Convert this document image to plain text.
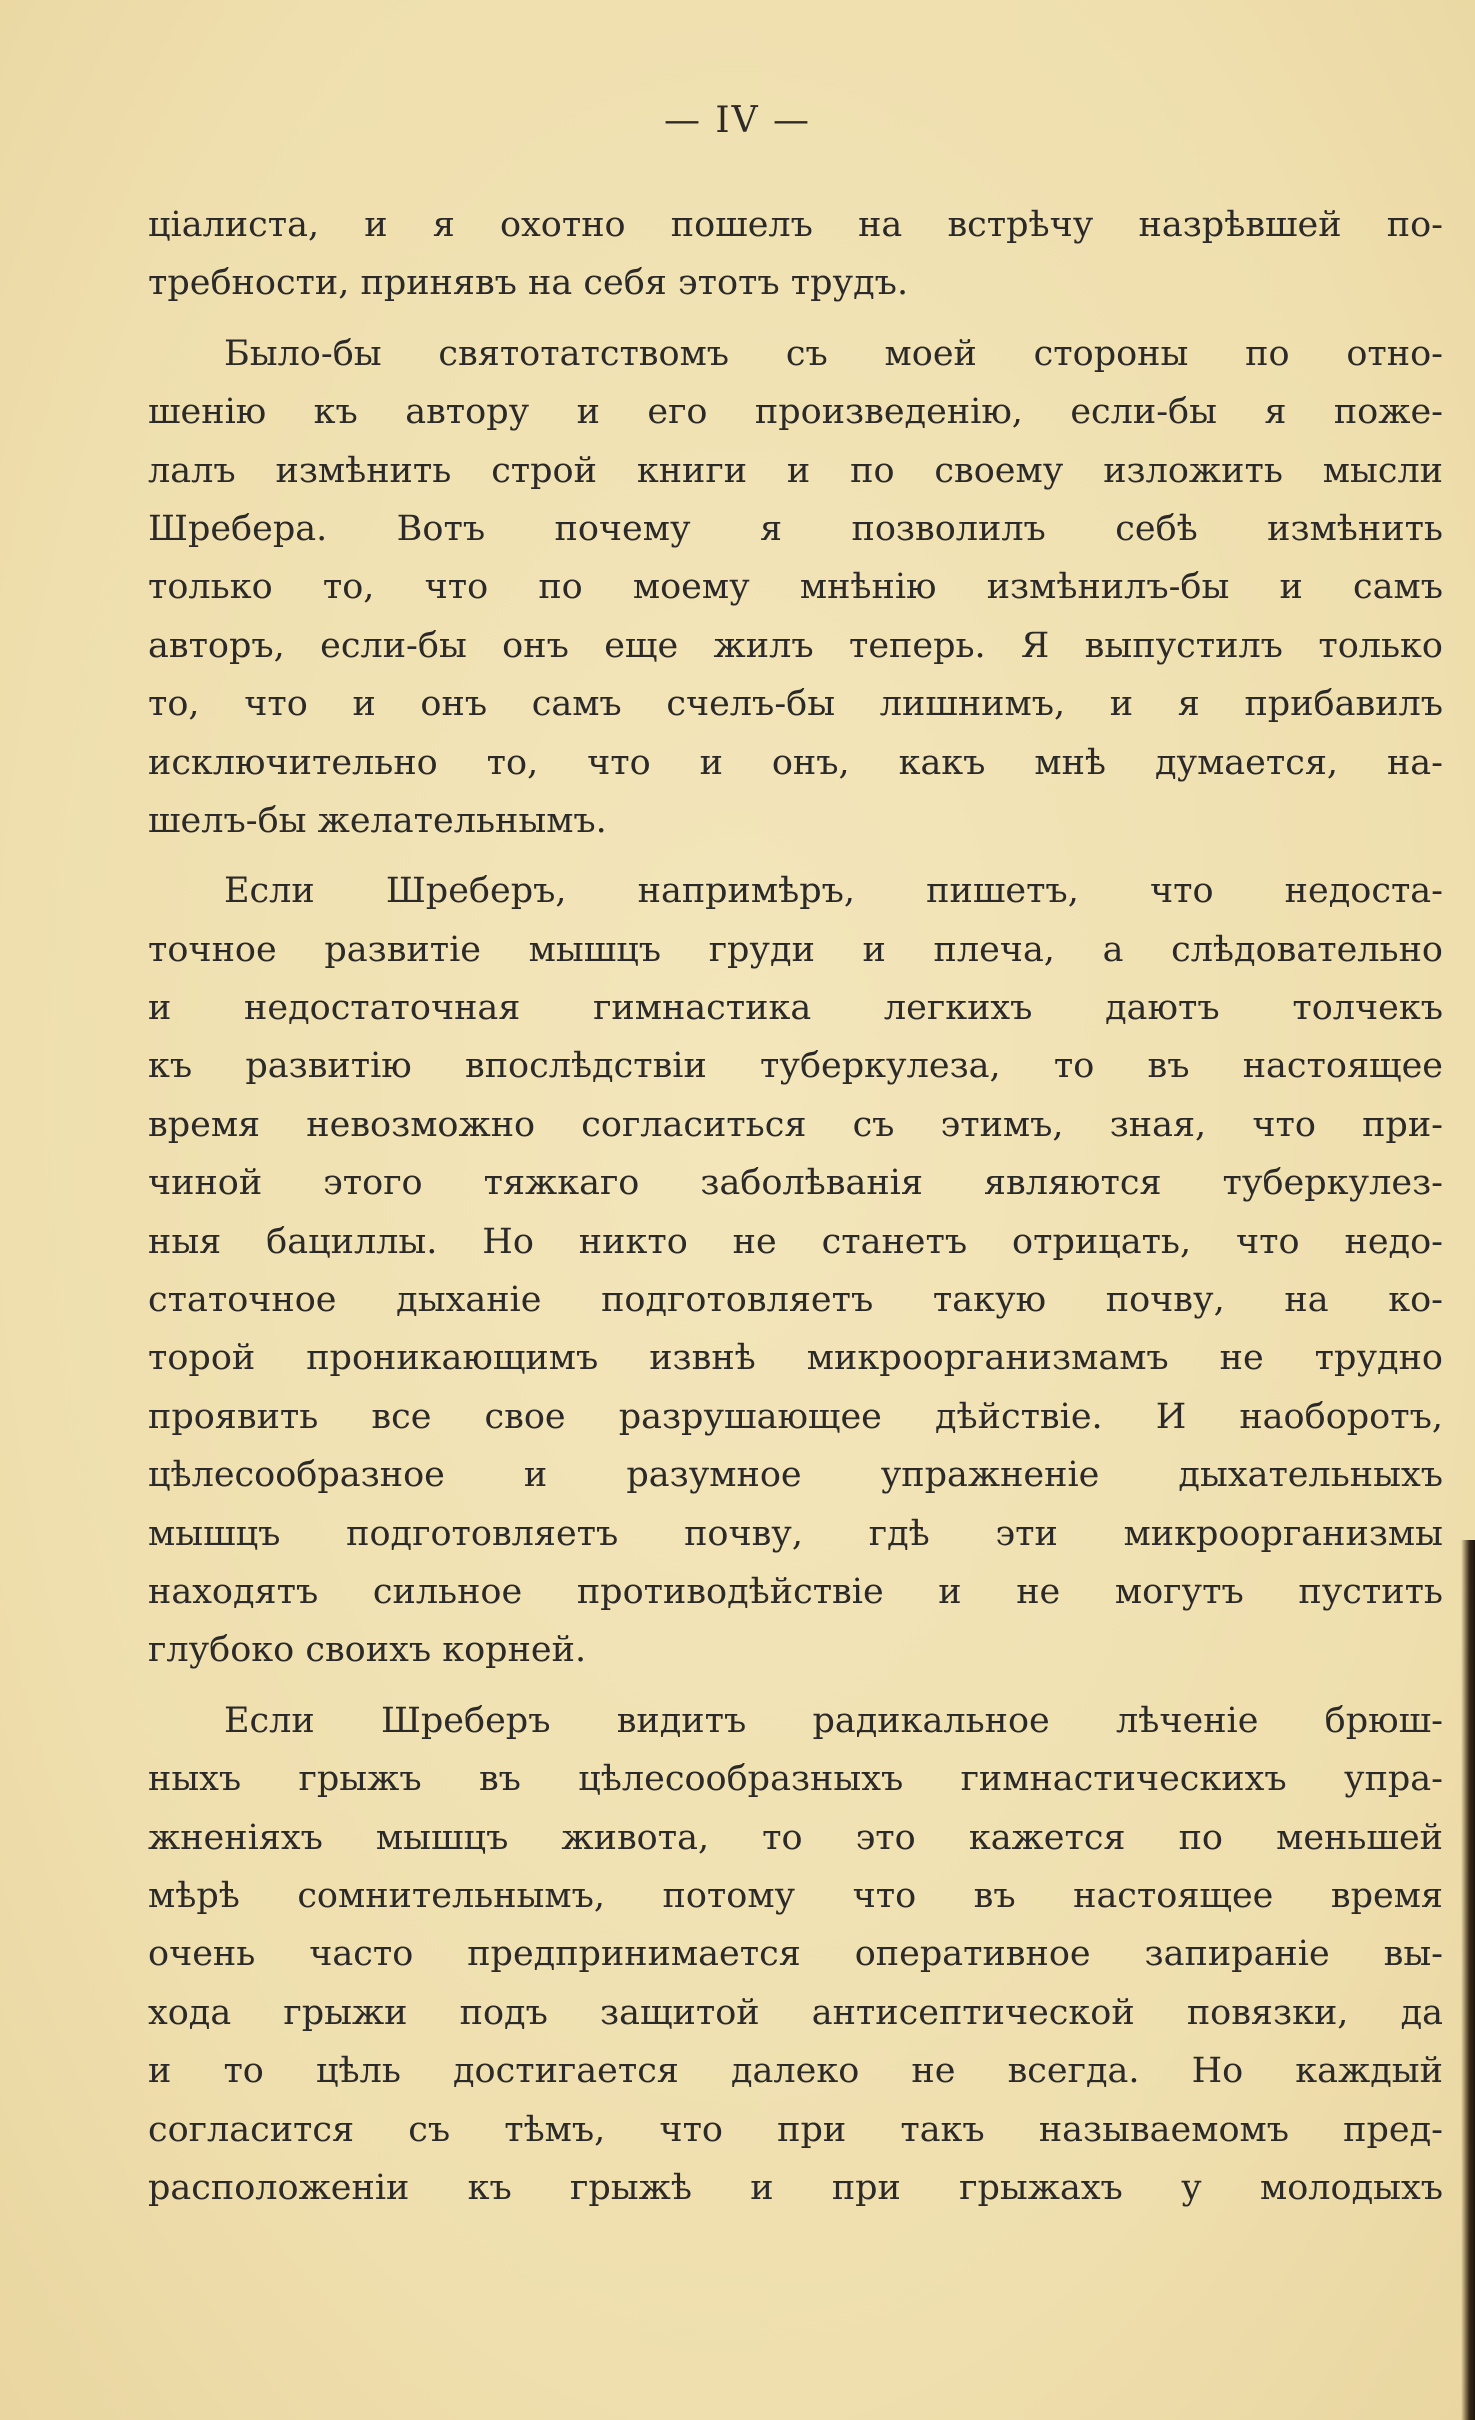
— IV —
ціалиста, и я охотно пошелъ на встрѣчу назрѣвшей по-
требности, принявъ на себя этотъ трудъ.
Было-бы святотатствомъ съ моей стороны по отно-
шенію къ автору и его произведенію, если-бы я поже-
лалъ измѣнить строй книги и по своему изложить мысли
Шребера. Вотъ почему я позволилъ себѣ измѣнить
только то, что по моему мнѣнію измѣнилъ-бы и самъ
авторъ, если-бы онъ еще жилъ теперь. Я выпустилъ только
то, что и онъ самъ счелъ-бы лишнимъ, и я прибавилъ
исключительно то, что и онъ, какъ мнѣ думается, на-
шелъ-бы желательнымъ.
Если Шреберъ, напримѣръ, пишетъ, что недоста-
точное развитіе мышцъ груди и плеча, а слѣдовательно
и недостаточная гимнастика легкихъ даютъ толчекъ
къ развитію впослѣдствіи туберкулеза, то въ настоящее
время невозможно согласиться съ этимъ, зная, что при-
чиной этого тяжкаго заболѣванія являются туберкулез-
ныя бациллы. Но никто не станетъ отрицать, что недо-
статочное дыханіе подготовляетъ такую почву, на ко-
торой проникающимъ извнѣ микроорганизмамъ не трудно
проявить все свое разрушающее дѣйствіе. И наоборотъ,
цѣлесообразное и разумное упражненіе дыхательныхъ
мышцъ подготовляетъ почву, гдѣ эти микроорганизмы
находятъ сильное противодѣйствіе и не могутъ пустить
глубоко своихъ корней.
Если Шреберъ видитъ радикальное лѣченіе брюш-
ныхъ грыжъ въ цѣлесообразныхъ гимнастическихъ упра-
жненіяхъ мышцъ живота, то это кажется по меньшей
мѣрѣ сомнительнымъ, потому что въ настоящее время
очень часто предпринимается оперативное запираніе вы-
хода грыжи подъ защитой антисептической повязки, да
и то цѣль достигается далеко не всегда. Но каждый
согласится съ тѣмъ, что при такъ называемомъ пред-
расположеніи къ грыжѣ и при грыжахъ у молодыхъ
